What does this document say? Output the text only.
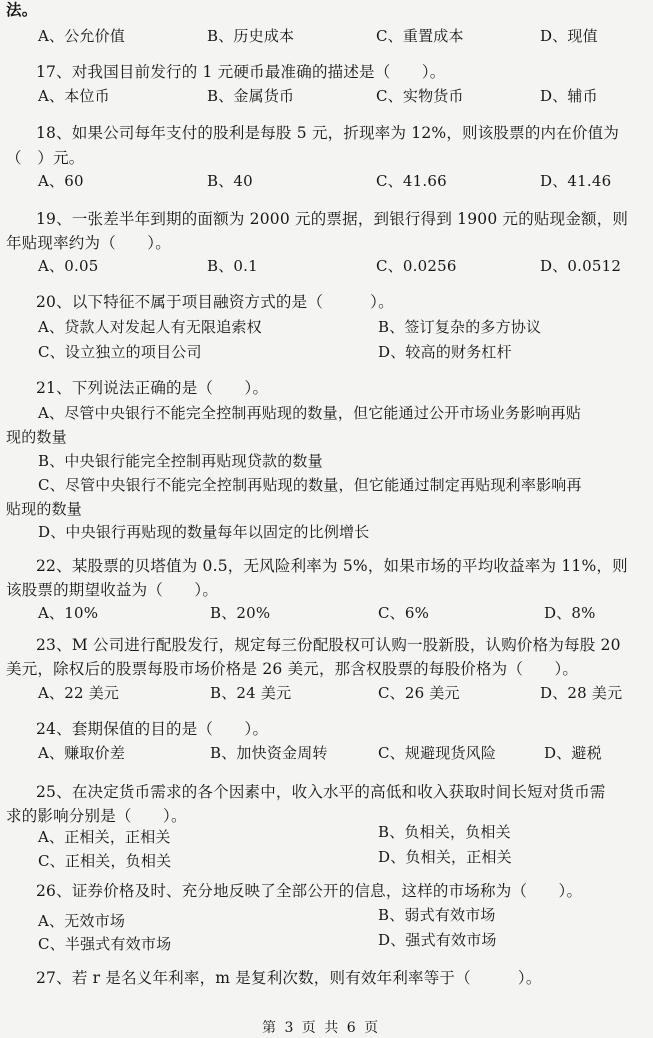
法。
A、公允价值	B、历史成本	C、重置成本	D、现值
17、对我国目前发行的 1 元硬币最准确的描述是（　　）。
A、本位币	B、金属货币	C、实物货币	D、辅币
18、如果公司每年支付的股利是每股 5 元，折现率为 12%，则该股票的内在价值为
（　）元。
A、60	B、40	C、41.66	D、41.46
19、一张差半年到期的面额为 2000 元的票据，到银行得到 1900 元的贴现金额，则
年贴现率约为（　　）。
A、0.05	B、0.1	C、0.0256	D、0.0512
20、以下特征不属于项目融资方式的是（　　　）。
A、贷款人对发起人有无限追索权	B、签订复杂的多方协议
C、设立独立的项目公司	D、较高的财务杠杆
21、下列说法正确的是（　　）。
A、尽管中央银行不能完全控制再贴现的数量，但它能通过公开市场业务影响再贴
现的数量
B、中央银行能完全控制再贴现贷款的数量
C、尽管中央银行不能完全控制再贴现的数量，但它能通过制定再贴现利率影响再
贴现的数量
D、中央银行再贴现的数量每年以固定的比例增长
22、某股票的贝塔值为 0.5，无风险利率为 5%，如果市场的平均收益率为 11%，则
该股票的期望收益为（　　）。
A、10%	B、20%	C、6%	D、8%
23、M 公司进行配股发行，规定每三份配股权可认购一股新股，认购价格为每股 20
美元，除权后的股票每股市场价格是 26 美元，那含权股票的每股价格为（　　）。
A、22 美元	B、24 美元	C、26 美元	D、28 美元
24、套期保值的目的是（　　）。
A、赚取价差	B、加快资金周转	C、规避现货风险	D、避税
25、在决定货币需求的各个因素中，收入水平的高低和收入获取时间长短对货币需
求的影响分别是（　　）。
A、正相关，正相关	B、负相关，负相关
C、正相关，负相关	D、负相关，正相关
26、证券价格及时、充分地反映了全部公开的信息，这样的市场称为（　　）。
A、无效市场	B、弱式有效市场
C、半强式有效市场	D、强式有效市场
27、若 r 是名义年利率，m 是复利次数，则有效年利率等于（　　　）。
第 3 页 共 6 页
